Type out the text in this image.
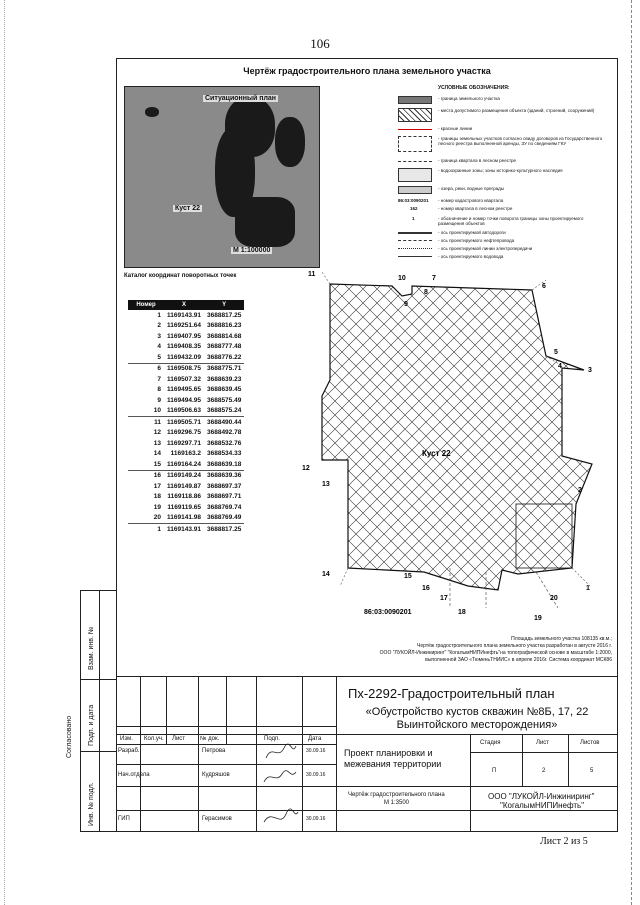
106
Чертёж градостроительного плана земельного участка
Ситуационный план
Куст 22
М 1:100000
УСЛОВНЫЕ ОБОЗНАЧЕНИЯ:
- граница земельного участка
- места допустимого размещения объекта (зданий, строений, сооружений)
- красные линии
- границы земельных участков согласно свиду договоров из Государственного лесного реестра выполненной аренды, ЗУ по сведениям ГКУ
- граница квартала в лесном реестре
- водоохранные зоны; зоны историко-культурного наследия
- озера, реки, водные преграды
86:03:0090201 - номер кадастрового квартала
162	- номер квартала в лесном реестре
1	- обозначение и номер точки поворота границы зоны проектируемого размещения объектов
- ось проектируемой автодороги
- ось проектируемого нефтепровода
- ось проектируемой линии электропередачи
- ось проектируемого водовода
Каталог координат поворотных точек
Номер	X	Y
1	1169143.91	3688817.25
2	1169251.64	3688816.23
3	1169407.95	3688814.68
4	1169408.35	3688777.48
5	1169432.09	3688776.22
6	1169508.75	3688775.71
7	1169507.32	3688639.23
8	1169495.65	3688639.45
9	1169494.95	3688575.49
10	1169506.63	3688575.24
11	1169505.71	3688490.44
12	1169296.75	3688492.78
13	1169297.71	3688532.76
14	1169163.2	3688534.33
15	1169164.24	3688639.18
16	1169149.24	3688639.36
17	1169149.87	3688697.37
18	1169118.86	3688697.71
19	1169119.65	3688769.74
20	1169141.98	3688769.49
1	1169143.91	3688817.25
11
10	7
8
9
6
5
4
3
12
13
2
14	15
16
17
18
19
20
1
Куст 22
86:03:0090201
Площадь земельного участка 108135 кв.м.;
Чертёж градостроительного плана земельного участка разработан в августе 2016 г.
ООО "ЛУКОЙЛ-Инжиниринг" "КогалымНИПИнефть"на топографической основе в масштабе 1:2000,
выполненной ЗАО «ТюменьТНИИС» в апреле 2016г. Система координат МСК86
Согласовано
Взам. инв. №
Подп. и дата
Инв. № подл.
Пх-2292-Градостроительный план
«Обустройство кустов скважин №8Б, 17, 22 Выинтойского месторождения»
Изм. Кол.уч. Лист № док.	Подп.	Дата
Разраб.	Петрова	30.09.16
Нач.отдела	Кудряшов	30.09.16
ГИП	Герасимов	30.09.16
Проект планировки и межевания территории
Стадия	Лист	Листов
П	2	5
Чертёж градостроительного плана
М 1:3500
ООО "ЛУКОЙЛ-Инжиниринг"
"КогалымНИПИнефть"
Лист 2 из 5
